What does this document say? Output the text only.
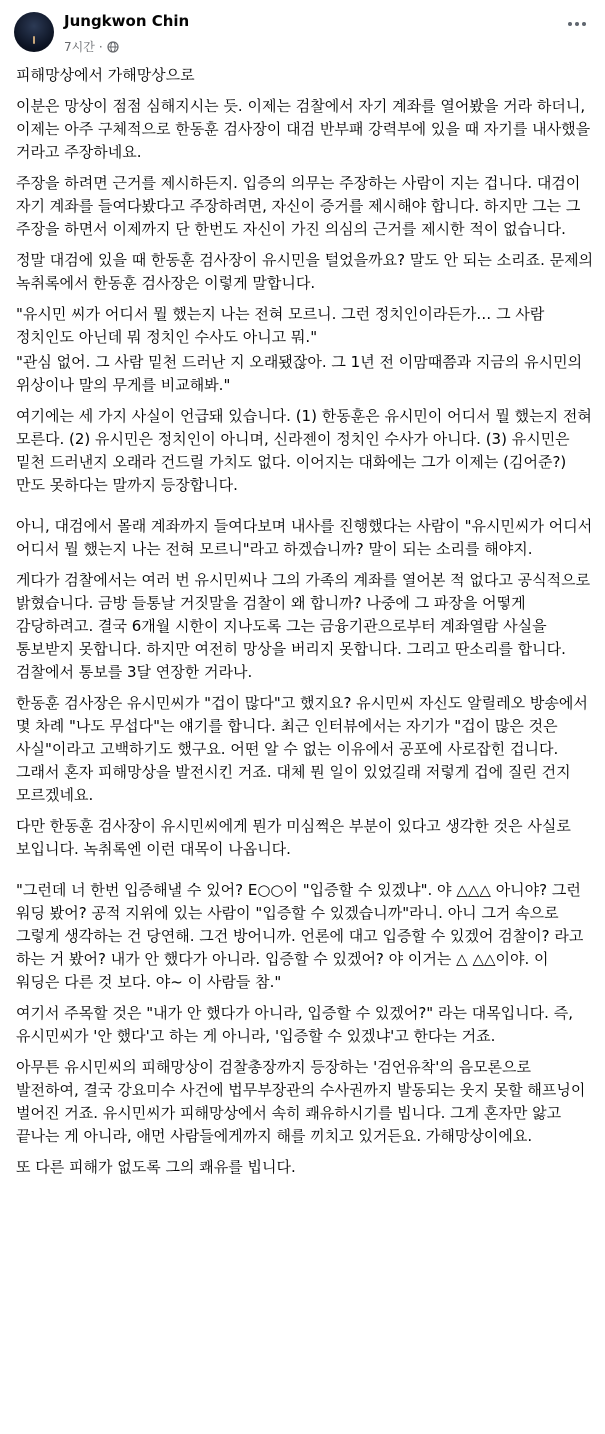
Jungkwon Chin
7시간 ·

피해망상에서 가해망상으로

이분은 망상이 점점 심해지시는 듯. 이제는 검찰에서 자기 계좌를 열어봤을 거라 하더니, 이제는 아주 구체적으로 한동훈 검사장이 대검 반부패 강력부에 있을 때 자기를 내사했을 거라고 주장하네요.

주장을 하려면 근거를 제시하든지. 입증의 의무는 주장하는 사람이 지는 겁니다. 대검이 자기 계좌를 들여다봤다고 주장하려면, 자신이 증거를 제시해야 합니다. 하지만 그는 그 주장을 하면서 이제까지 단 한번도 자신이 가진 의심의 근거를 제시한 적이 없습니다.

정말 대검에 있을 때 한동훈 검사장이 유시민을 털었을까요? 말도 안 되는 소리죠. 문제의 녹취록에서 한동훈 검사장은 이렇게 말합니다.

"유시민 씨가 어디서 뭘 했는지 나는 전혀 모르니. 그런 정치인이라든가… 그 사람 정치인도 아닌데 뭐 정치인 수사도 아니고 뭐."

"관심 없어. 그 사람 밑천 드러난 지 오래됐잖아. 그 1년 전 이맘때쯤과 지금의 유시민의 위상이나 말의 무게를 비교해봐."

여기에는 세 가지 사실이 언급돼 있습니다. (1) 한동훈은 유시민이 어디서 뭘 했는지 전혀 모른다. (2) 유시민은 정치인이 아니며, 신라젠이 정치인 수사가 아니다. (3) 유시민은 밑천 드러낸지 오래라 건드릴 가치도 없다. 이어지는 대화에는 그가 이제는 (김어준?)만도 못하다는 말까지 등장합니다.

아니, 대검에서 몰래 계좌까지 들여다보며 내사를 진행했다는 사람이 "유시민씨가 어디서 어디서 뭘 했는지 나는 전혀 모르니"라고 하겠습니까? 말이 되는 소리를 해야지.

게다가 검찰에서는 여러 번 유시민씨나 그의 가족의 계좌를 열어본 적 없다고 공식적으로 밝혔습니다. 금방 들통날 거짓말을 검찰이 왜 합니까? 나중에 그 파장을 어떻게 감당하려고. 결국 6개월 시한이 지나도록 그는 금융기관으로부터 계좌열람 사실을 통보받지 못합니다. 하지만 여전히 망상을 버리지 못합니다. 그리고 딴소리를 합니다. 검찰에서 통보를 3달 연장한 거라나.

한동훈 검사장은 유시민씨가 "겁이 많다"고 했지요? 유시민씨 자신도 알릴레오 방송에서 몇 차례 "나도 무섭다"는 얘기를 합니다. 최근 인터뷰에서는 자기가 "겁이 많은 것은 사실"이라고 고백하기도 했구요. 어떤 알 수 없는 이유에서 공포에 사로잡힌 겁니다. 그래서 혼자 피해망상을 발전시킨 거죠. 대체 뭔 일이 있었길래 저렇게 겁에 질린 건지 모르겠네요.

다만 한동훈 검사장이 유시민씨에게 뭔가 미심쩍은 부분이 있다고 생각한 것은 사실로 보입니다. 녹취록엔 이런 대목이 나옵니다.

"그런데 너 한번 입증해낼 수 있어? E○○이 "입증할 수 있겠냐". 야 △△△ 아니야? 그런 워딩 봤어? 공적 지위에 있는 사람이 "입증할 수 있겠습니까"라니. 아니 그거 속으로 그렇게 생각하는 건 당연해. 그건 방어니까. 언론에 대고 입증할 수 있겠어 검찰이? 라고 하는 거 봤어? 내가 안 했다가 아니라. 입증할 수 있겠어? 야 이거는 △ △△이야. 이 워딩은 다른 것 보다. 야~ 이 사람들 참."

여기서 주목할 것은 "내가 안 했다가 아니라, 입증할 수 있겠어?" 라는 대목입니다. 즉, 유시민씨가 '안 했다'고 하는 게 아니라, '입증할 수 있겠냐'고 한다는 거죠.

아무튼 유시민씨의 피해망상이 검찰총장까지 등장하는 '검언유착'의 음모론으로 발전하여, 결국 강요미수 사건에 법무부장관의 수사권까지 발동되는 웃지 못할 해프닝이 벌어진 거죠. 유시민씨가 피해망상에서 속히 쾌유하시기를 빕니다. 그게 혼자만 앓고 끝나는 게 아니라, 애먼 사람들에게까지 해를 끼치고 있거든요. 가해망상이에요.

또 다른 피해가 없도록 그의 쾌유를 빕니다.
